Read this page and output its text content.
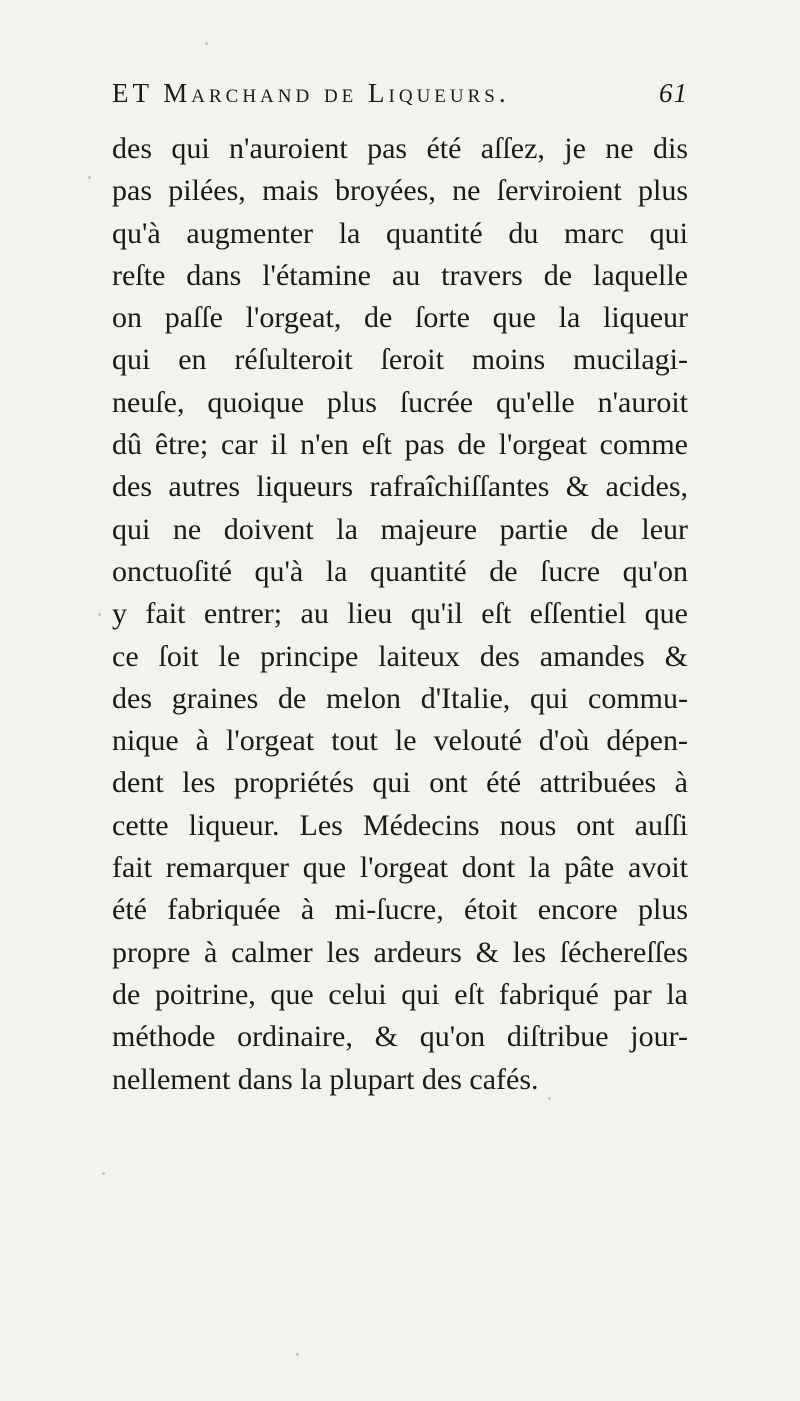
ET Marchand de Liqueurs.	61
des qui n'auroient pas été aſſez, je ne dis
pas pilées, mais broyées, ne ſerviroient plus
qu'à augmenter la quantité du marc qui
reſte dans l'étamine au travers de laquelle
on paſſe l'orgeat, de ſorte que la liqueur
qui en réſulteroit ſeroit moins mucilagi-
neuſe, quoique plus ſucrée qu'elle n'auroit
dû être; car il n'en eſt pas de l'orgeat comme
des autres liqueurs rafraîchiſſantes & acides,
qui ne doivent la majeure partie de leur
onctuoſité qu'à la quantité de ſucre qu'on
y fait entrer; au lieu qu'il eſt eſſentiel que
ce ſoit le principe laiteux des amandes &
des graines de melon d'Italie, qui commu-
nique à l'orgeat tout le velouté d'où dépen-
dent les propriétés qui ont été attribuées à
cette liqueur. Les Médecins nous ont auſſi
fait remarquer que l'orgeat dont la pâte avoit
été fabriquée à mi-ſucre, étoit encore plus
propre à calmer les ardeurs & les ſéchereſſes
de poitrine, que celui qui eſt fabriqué par la
méthode ordinaire, & qu'on diſtribue jour-
nellement dans la plupart des cafés.
